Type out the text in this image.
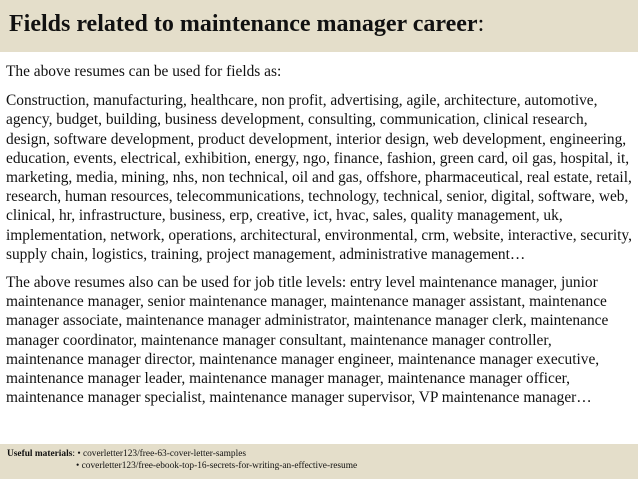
Fields related to maintenance manager career:

The above resumes can be used for fields as:

Construction, manufacturing, healthcare, non profit, advertising, agile, architecture, automotive, agency, budget, building, business development, consulting, communication, clinical research, design, software development, product development, interior design, web development, engineering, education, events, electrical, exhibition, energy, ngo, finance, fashion, green card, oil gas, hospital, it, marketing, media, mining, nhs, non technical, oil and gas, offshore, pharmaceutical, real estate, retail, research, human resources, telecommunications, technology, technical, senior, digital, software, web, clinical, hr, infrastructure, business, erp, creative, ict, hvac, sales, quality management, uk, implementation, network, operations, architectural, environmental, crm, website, interactive, security, supply chain, logistics, training, project management, administrative management…

The above resumes also can be used for job title levels: entry level maintenance manager, junior maintenance manager, senior maintenance manager, maintenance manager assistant, maintenance manager associate, maintenance manager administrator, maintenance manager clerk, maintenance manager coordinator, maintenance manager consultant, maintenance manager controller, maintenance manager director, maintenance manager engineer, maintenance manager executive, maintenance manager leader, maintenance manager manager, maintenance manager officer, maintenance manager specialist, maintenance manager supervisor, VP maintenance manager…

Useful materials: • coverletter123/free-63-cover-letter-samples
• coverletter123/free-ebook-top-16-secrets-for-writing-an-effective-resume
